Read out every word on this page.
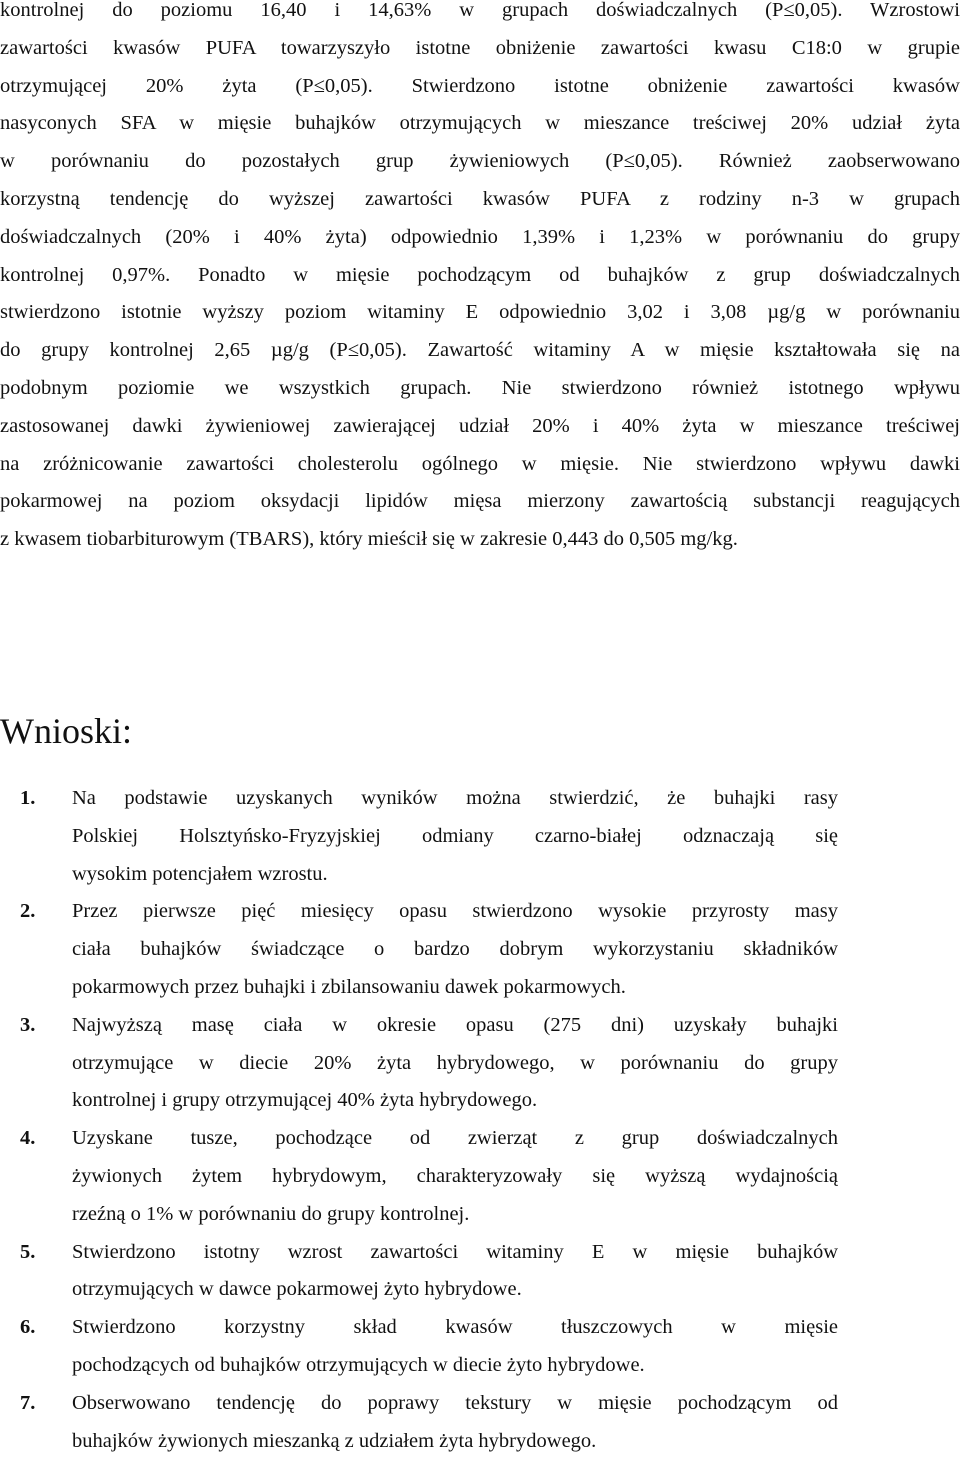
kontrolnej do poziomu 16,40 i 14,63% w grupach doświadczalnych (P≤0,05). Wzrostowi
zawartości kwasów PUFA towarzyszyło istotne obniżenie zawartości kwasu C18:0 w grupie
otrzymującej 20% żyta (P≤0,05). Stwierdzono istotne obniżenie zawartości kwasów
nasyconych SFA w mięsie buhajków otrzymujących w mieszance treściwej 20% udział żyta
w porównaniu do pozostałych grup żywieniowych (P≤0,05). Również zaobserwowano
korzystną tendencję do wyższej zawartości kwasów PUFA z rodziny n-3 w grupach
doświadczalnych (20% i 40% żyta) odpowiednio 1,39% i 1,23% w porównaniu do grupy
kontrolnej 0,97%. Ponadto w mięsie pochodzącym od buhajków z grup doświadczalnych
stwierdzono istotnie wyższy poziom witaminy E odpowiednio 3,02 i 3,08 µg/g w porównaniu
do grupy kontrolnej 2,65 µg/g (P≤0,05). Zawartość witaminy A w mięsie kształtowała się na
podobnym poziomie we wszystkich grupach. Nie stwierdzono również istotnego wpływu
zastosowanej dawki żywieniowej zawierającej udział 20% i 40% żyta w mieszance treściwej
na zróżnicowanie zawartości cholesterolu ogólnego w mięsie. Nie stwierdzono wpływu dawki
pokarmowej na poziom oksydacji lipidów mięsa mierzony zawartością substancji reagujących
z kwasem tiobarbiturowym (TBARS), który mieścił się w zakresie 0,443 do 0,505 mg/kg.
Wnioski:
1.	Na podstawie uzyskanych wyników można stwierdzić, że buhajki rasy
Polskiej Holsztyńsko-Fryzyjskiej odmiany czarno-białej odznaczają się
wysokim potencjałem wzrostu.
2.	Przez pierwsze pięć miesięcy opasu stwierdzono wysokie przyrosty masy
ciała buhajków świadczące o bardzo dobrym wykorzystaniu składników
pokarmowych przez buhajki i zbilansowaniu dawek pokarmowych.
3.	Najwyższą masę ciała w okresie opasu (275 dni) uzyskały buhajki
otrzymujące w diecie 20% żyta hybrydowego, w porównaniu do grupy
kontrolnej i grupy otrzymującej 40% żyta hybrydowego.
4.	Uzyskane tusze, pochodzące od zwierząt z grup doświadczalnych
żywionych żytem hybrydowym, charakteryzowały się wyższą wydajnością
rzeźną o 1% w porównaniu do grupy kontrolnej.
5.	Stwierdzono istotny wzrost zawartości witaminy E w mięsie buhajków
otrzymujących w dawce pokarmowej żyto hybrydowe.
6.	Stwierdzono korzystny skład kwasów tłuszczowych w mięsie
pochodzących od buhajków otrzymujących w diecie żyto hybrydowe.
7.	Obserwowano tendencję do poprawy tekstury w mięsie pochodzącym od
buhajków żywionych mieszanką z udziałem żyta hybrydowego.
